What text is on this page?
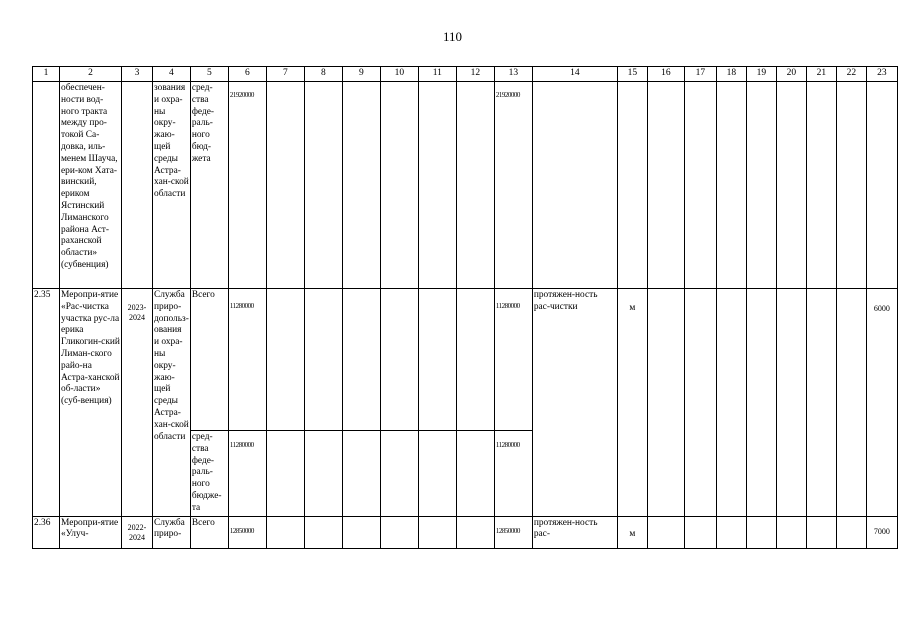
110
1	2	3	4	5	6	7	8	9	10	11	12	13	14	15	16	17	18	19	20	21	22	23
	обеспечен-ности вод-ного тракта между про-токой Са-довка, иль-менем Шауча, ери-ком Хата-винский, ериком Ястинский Лиманского района Аст-раханской области» (субвенция)		зования и охра-ны окру-жаю-щей среды Астра-хан-ской области	сред-ства феде-раль-ного бюд-жета	21920000							21920000										
2.35	Меропри-ятие «Рас-чистка участка рус-ла ерика Гликогин-ский Лиман-ского райо-на Астра-ханской об-ласти» (суб-венция)	2023-2024	Служба приро-допольз-ования и охра-ны окру-жаю-щей среды Астра-хан-ской области	Всего	11280000							11280000	протяжен-ность рас-чистки	м								6000
				сред-ства феде-раль-ного бюдже-та	11280000							11280000										
2.36	Меропри-ятие «Улуч-	2022-2024	Служба приро-	Всего	12850000							12850000	протяжен-ность рас-	м								7000
